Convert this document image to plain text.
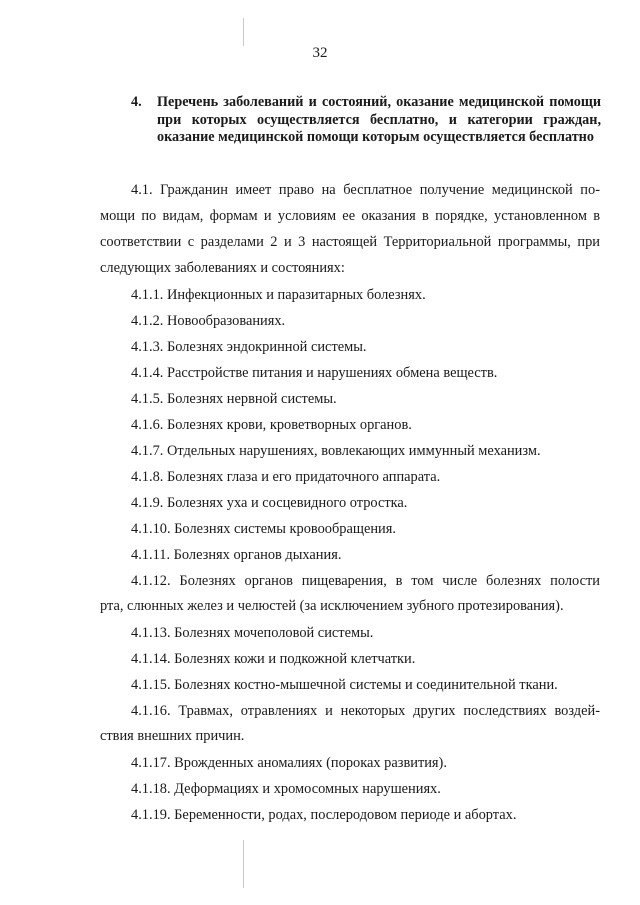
32
4. Перечень заболеваний и состояний, оказание медицинской помощи при которых осуществляется бесплатно, и категории граждан, оказание медицинской помощи которым осуществляется бесплатно
4.1. Гражданин имеет право на бесплатное получение медицинской по-
мощи по видам, формам и условиям ее оказания в порядке, установленном в
соответствии с разделами 2 и 3 настоящей Территориальной программы, при
следующих заболеваниях и состояниях:
4.1.1. Инфекционных и паразитарных болезнях.
4.1.2. Новообразованиях.
4.1.3. Болезнях эндокринной системы.
4.1.4. Расстройстве питания и нарушениях обмена веществ.
4.1.5. Болезнях нервной системы.
4.1.6. Болезнях крови, кроветворных органов.
4.1.7. Отдельных нарушениях, вовлекающих иммунный механизм.
4.1.8. Болезнях глаза и его придаточного аппарата.
4.1.9. Болезнях уха и сосцевидного отростка.
4.1.10. Болезнях системы кровообращения.
4.1.11. Болезнях органов дыхания.
4.1.12. Болезнях органов пищеварения, в том числе болезнях полости
рта, слюнных желез и челюстей (за исключением зубного протезирования).
4.1.13. Болезнях мочеполовой системы.
4.1.14. Болезнях кожи и подкожной клетчатки.
4.1.15. Болезнях костно-мышечной системы и соединительной ткани.
4.1.16. Травмах, отравлениях и некоторых других последствиях воздей-
ствия внешних причин.
4.1.17. Врожденных аномалиях (пороках развития).
4.1.18. Деформациях и хромосомных нарушениях.
4.1.19. Беременности, родах, послеродовом периоде и абортах.
